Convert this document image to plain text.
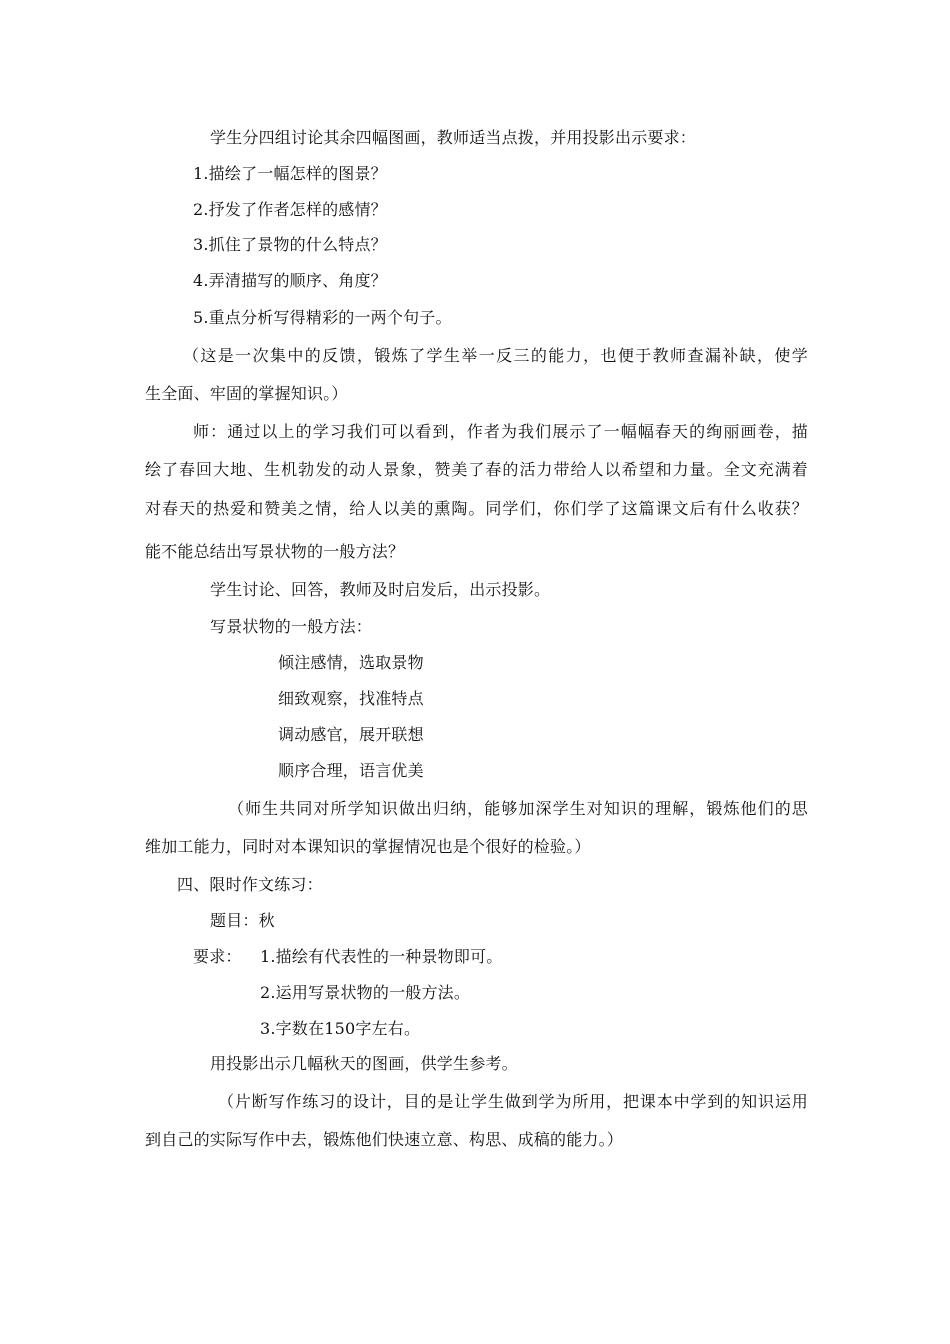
学生分四组讨论其余四幅图画，教师适当点拨，并用投影出示要求：
1.描绘了一幅怎样的图景？
2.抒发了作者怎样的感情？
3.抓住了景物的什么特点？
4.弄清描写的顺序、角度？
5.重点分析写得精彩的一两个句子。
（这是一次集中的反馈，锻炼了学生举一反三的能力，也便于教师查漏补缺，使学
生全面、牢固的掌握知识。）
师：通过以上的学习我们可以看到，作者为我们展示了一幅幅春天的绚丽画卷，描
绘了春回大地、生机勃发的动人景象，赞美了春的活力带给人以希望和力量。全文充满着
对春天的热爱和赞美之情，给人以美的熏陶。同学们，你们学了这篇课文后有什么收获？
能不能总结出写景状物的一般方法？
学生讨论、回答，教师及时启发后，出示投影。
写景状物的一般方法：
倾注感情，选取景物
细致观察，找准特点
调动感官，展开联想
顺序合理，语言优美
（师生共同对所学知识做出归纳，能够加深学生对知识的理解，锻炼他们的思
维加工能力，同时对本课知识的掌握情况也是个很好的检验。）
四、限时作文练习：
题目：秋
要求： 1.描绘有代表性的一种景物即可。
2.运用写景状物的一般方法。
3.字数在150字左右。
用投影出示几幅秋天的图画，供学生参考。
（片断写作练习的设计，目的是让学生做到学为所用，把课本中学到的知识运用
到自己的实际写作中去，锻炼他们快速立意、构思、成稿的能力。）
